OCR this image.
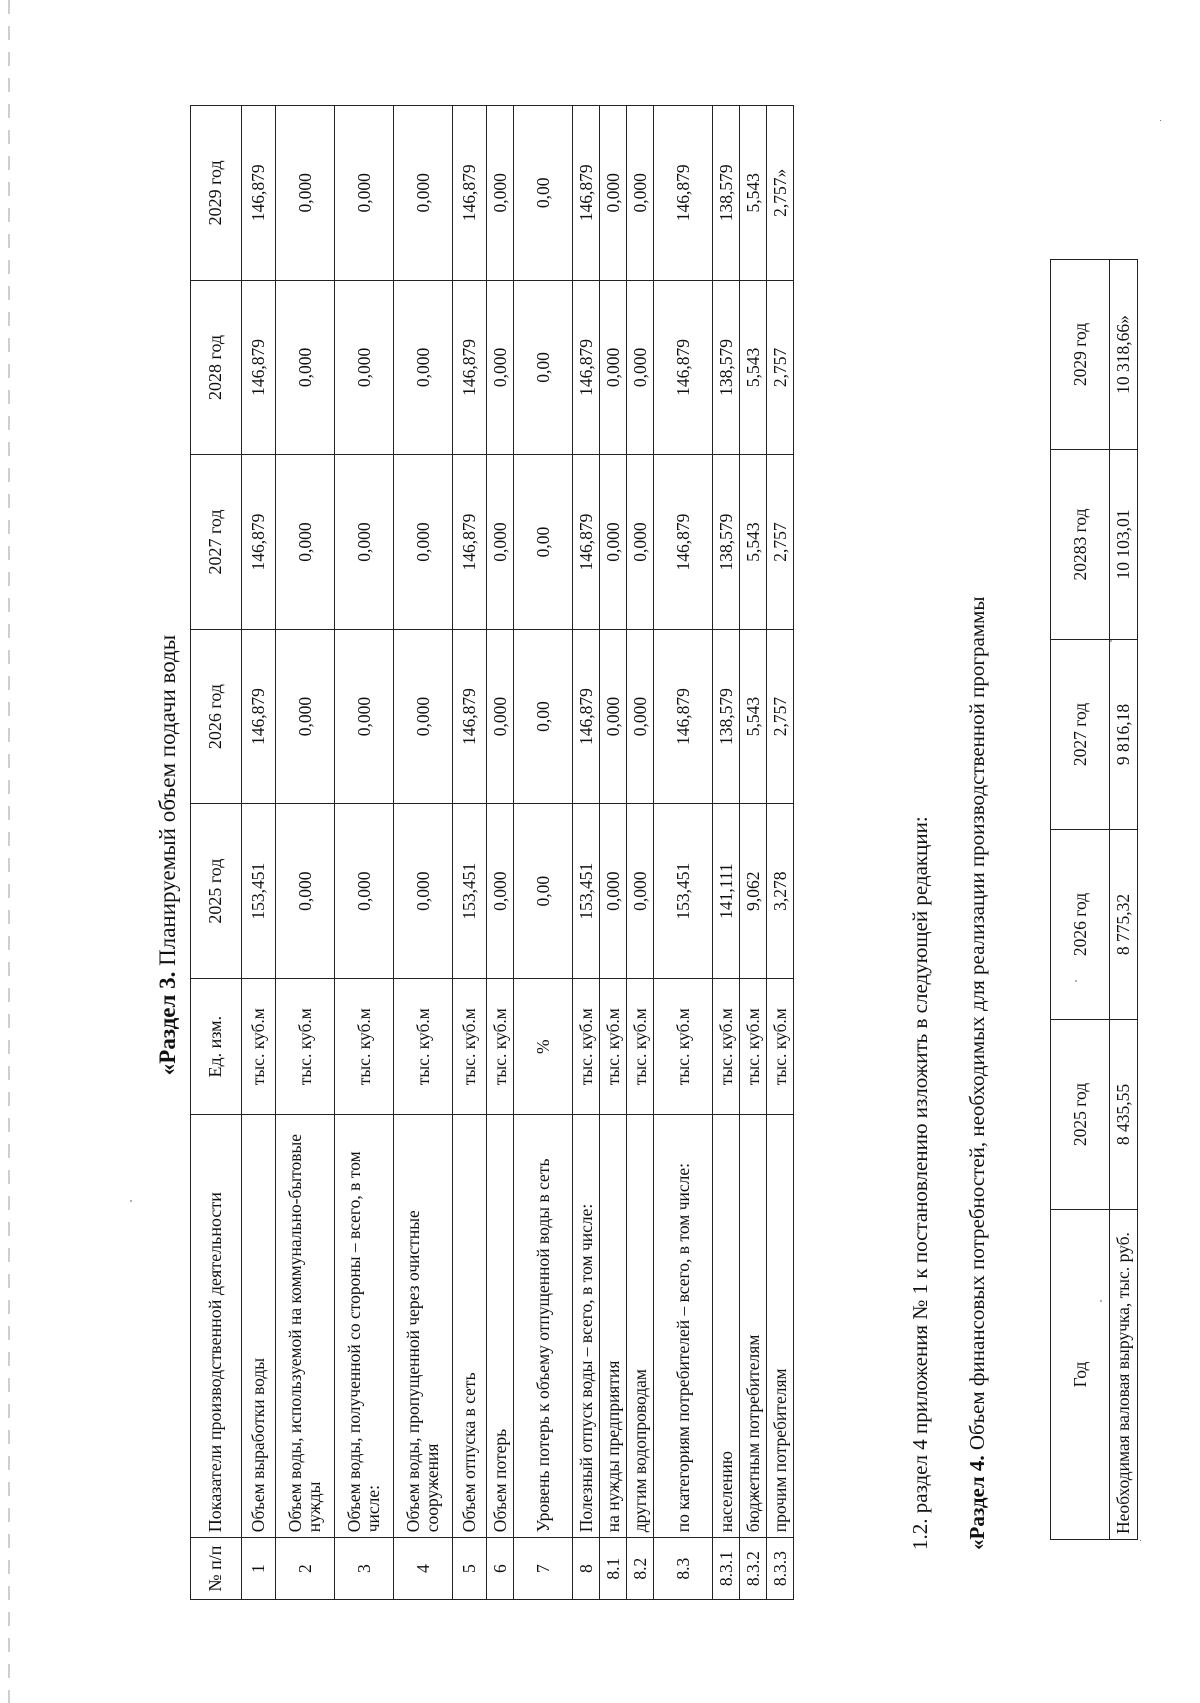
«Раздел 3. Планируемый объем подачи воды
№ п/п	Показатели производственной деятельности	Ед. изм.	2025 год	2026 год	2027 год	2028 год	2029 год
1	Объем выработки воды	тыс. куб.м	153,451	146,879	146,879	146,879	146,879
2	Объем воды, используемой на коммунально-бытовые нужды	тыс. куб.м	0,000	0,000	0,000	0,000	0,000
3	Объем воды, полученной со стороны – всего, в том числе:	тыс. куб.м	0,000	0,000	0,000	0,000	0,000
4	Объем воды, пропущенной через очистные сооружения	тыс. куб.м	0,000	0,000	0,000	0,000	0,000
5	Объем отпуска в сеть	тыс. куб.м	153,451	146,879	146,879	146,879	146,879
6	Объем потерь	тыс. куб.м	0,000	0,000	0,000	0,000	0,000
7	Уровень потерь к объему отпущенной воды в сеть	%	0,00	0,00	0,00	0,00	0,00
8	Полезный отпуск воды – всего, в том числе:	тыс. куб.м	153,451	146,879	146,879	146,879	146,879
8.1	на нужды предприятия	тыс. куб.м	0,000	0,000	0,000	0,000	0,000
8.2	другим водопроводам	тыс. куб.м	0,000	0,000	0,000	0,000	0,000
8.3	по категориям потребителей – всего, в том числе:	тыс. куб.м	153,451	146,879	146,879	146,879	146,879
8.3.1	населению	тыс. куб.м	141,111	138,579	138,579	138,579	138,579
8.3.2	бюджетным потребителям	тыс. куб.м	9,062	5,543	5,543	5,543	5,543
8.3.3	прочим потребителям	тыс. куб.м	3,278	2,757	2,757	2,757	2,757»
1.2. раздел 4 приложения № 1 к постановлению изложить в следующей редакции: «Раздел 4. Объем финансовых потребностей, необходимых для реализации производственной программы	Год	2025 год	2026 год	2027 год	20283 год	2029 год
Необходимая валовая выручка, тыс. руб.	8 435,55	8 775,32	9 816,18	10 103,01	10 318,66»
